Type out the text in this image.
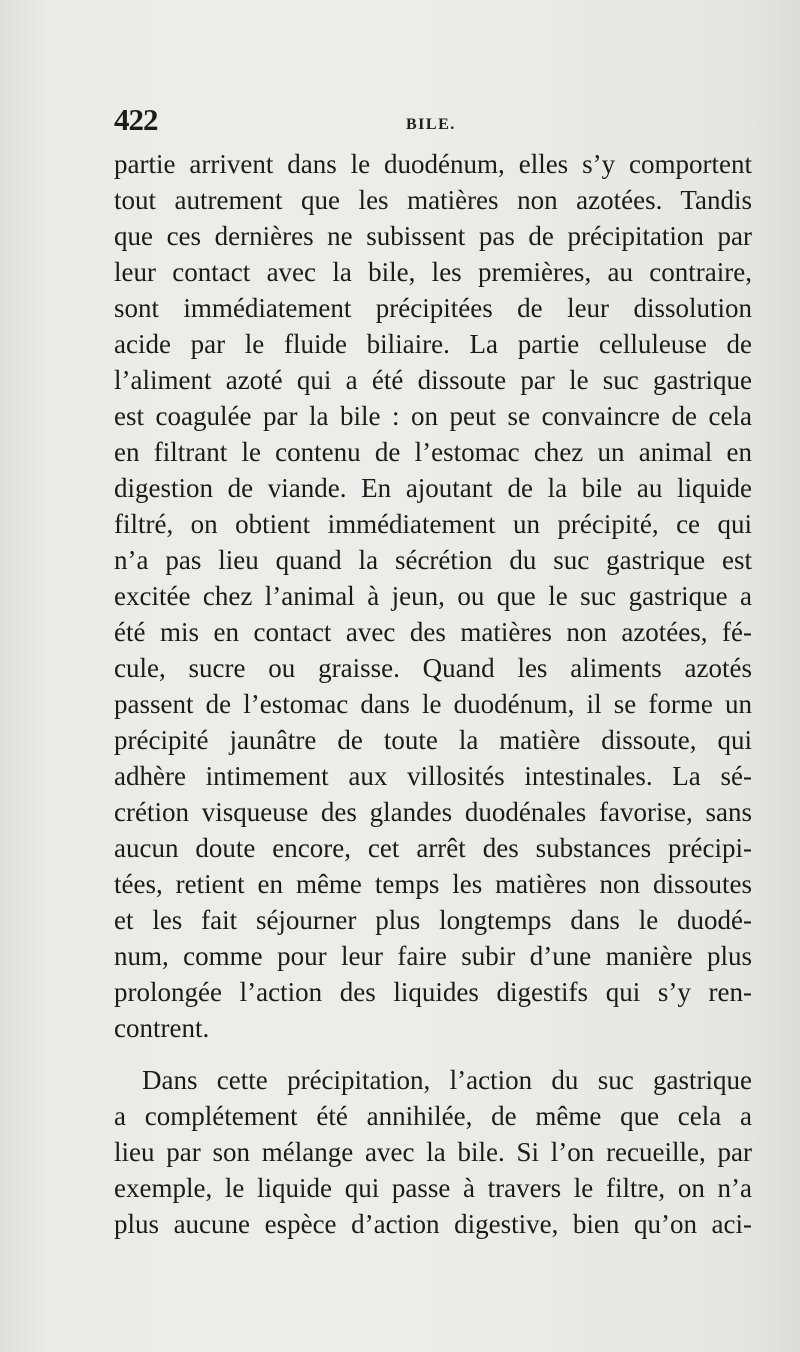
422	BILE.
partie arrivent dans le duodénum, elles s’y comportent
tout autrement que les matières non azotées. Tandis
que ces dernières ne subissent pas de précipitation par
leur contact avec la bile, les premières, au contraire,
sont immédiatement précipitées de leur dissolution
acide par le fluide biliaire. La partie celluleuse de
l’aliment azoté qui a été dissoute par le suc gastrique
est coagulée par la bile : on peut se convaincre de cela
en filtrant le contenu de l’estomac chez un animal en
digestion de viande. En ajoutant de la bile au liquide
filtré, on obtient immédiatement un précipité, ce qui
n’a pas lieu quand la sécrétion du suc gastrique est
excitée chez l’animal à jeun, ou que le suc gastrique a
été mis en contact avec des matières non azotées, fé-
cule, sucre ou graisse. Quand les aliments azotés
passent de l’estomac dans le duodénum, il se forme un
précipité jaunâtre de toute la matière dissoute, qui
adhère intimement aux villosités intestinales. La sé-
crétion visqueuse des glandes duodénales favorise, sans
aucun doute encore, cet arrêt des substances précipi-
tées, retient en même temps les matières non dissoutes
et les fait séjourner plus longtemps dans le duodé-
num, comme pour leur faire subir d’une manière plus
prolongée l’action des liquides digestifs qui s’y ren-
contrent.
Dans cette précipitation, l’action du suc gastrique
a complétement été annihilée, de même que cela a
lieu par son mélange avec la bile. Si l’on recueille, par
exemple, le liquide qui passe à travers le filtre, on n’a
plus aucune espèce d’action digestive, bien qu’on aci-
